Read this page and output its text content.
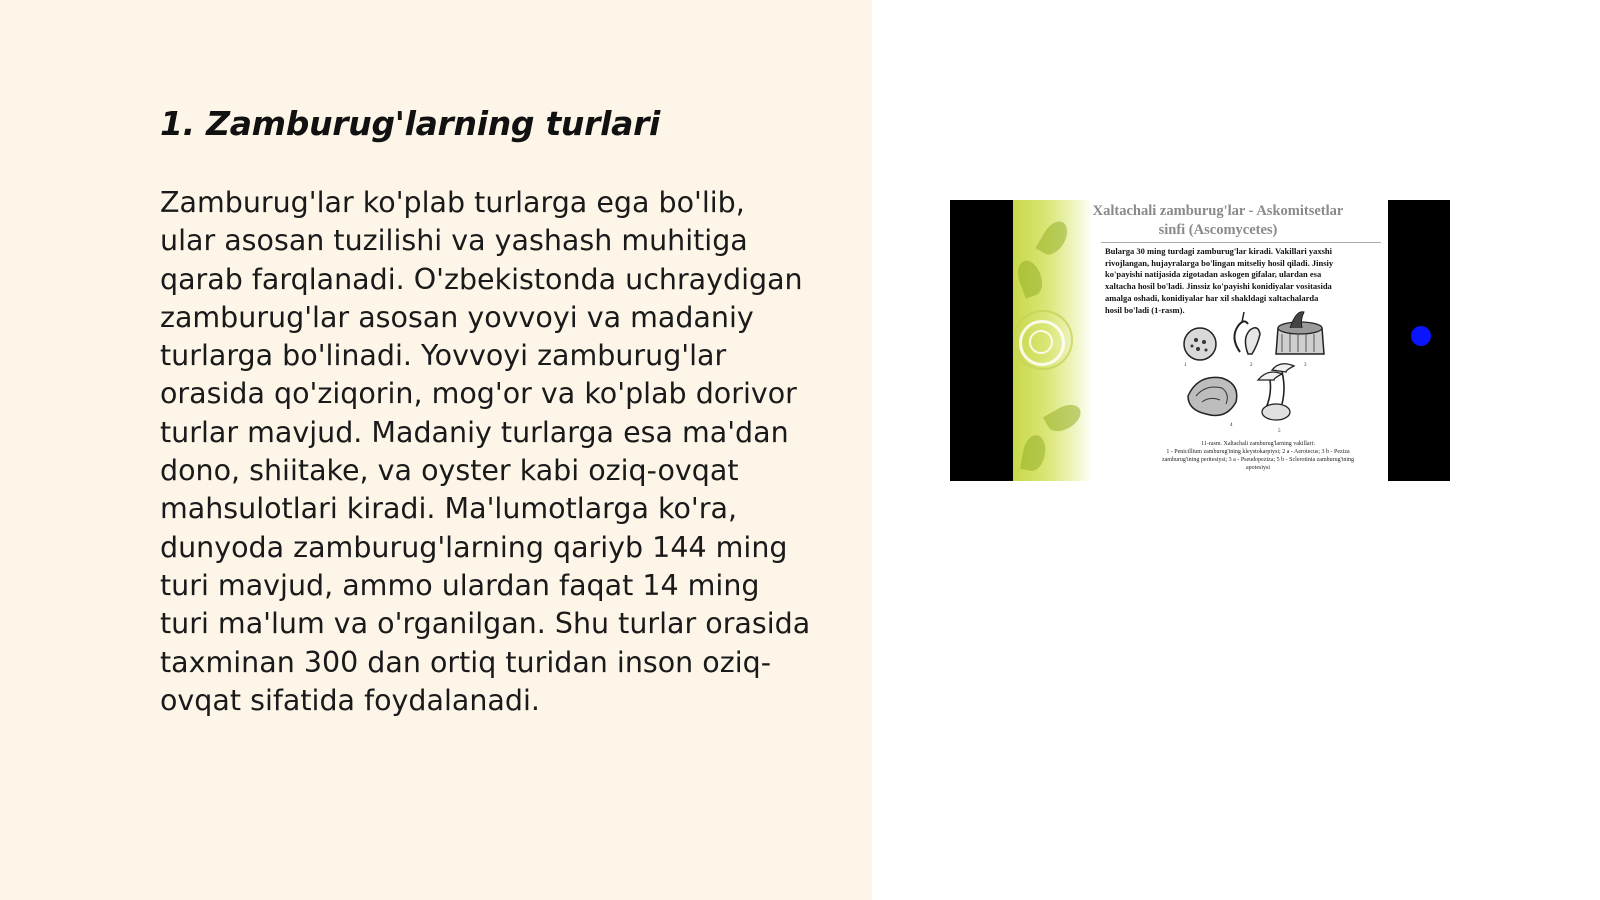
1. Zamburug'larning turlari

Zamburug'lar ko'plab turlarga ega bo'lib,
ular asosan tuzilishi va yashash muhitiga
qarab farqlanadi. O'zbekistonda uchraydigan
zamburug'lar asosan yovvoyi va madaniy
turlarga bo'linadi. Yovvoyi zamburug'lar
orasida qo'ziqorin, mog'or va ko'plab dorivor
turlar mavjud. Madaniy turlarga esa ma'dan
dono, shiitake, va oyster kabi oziq-ovqat
mahsulotlari kiradi. Ma'lumotlarga ko'ra,
dunyoda zamburug'larning qariyb 144 ming
turi mavjud, ammo ulardan faqat 14 ming
turi ma'lum va o'rganilgan. Shu turlar orasida
taxminan 300 dan ortiq turidan inson oziq-
ovqat sifatida foydalanadi.

Xaltachali zamburug'lar - Askomitsetlar
sinfi (Ascomycetes)

Bularga 30 ming turdagi zamburug'lar kiradi. Vakillari yaxshi
rivojlangan, hujayralarga bo'lingan mitseliy hosil qiladi. Jinsiy
ko'payishi natijasida zigotadan askogen gifalar, ulardan esa
xaltacha hosil bo'ladi. Jinssiz ko'payishi konidiyalar vositasida
amalga oshadi, konidiyalar har xil shakldagi xaltachalarda
hosil bo'ladi (1-rasm).

1	2	3
4
5

11-rasm. Xaltachali zamburug'larning vakillari:
1 - Penicillium zamburug'ining kleystokarpiysi; 2 a - Aerotecus; 3 b - Peziza
zamburug'ining peritesiysi; 3 a - Pseudopeziza; 5 b - Sclerotinia zamburug'ining
apotesiysi
